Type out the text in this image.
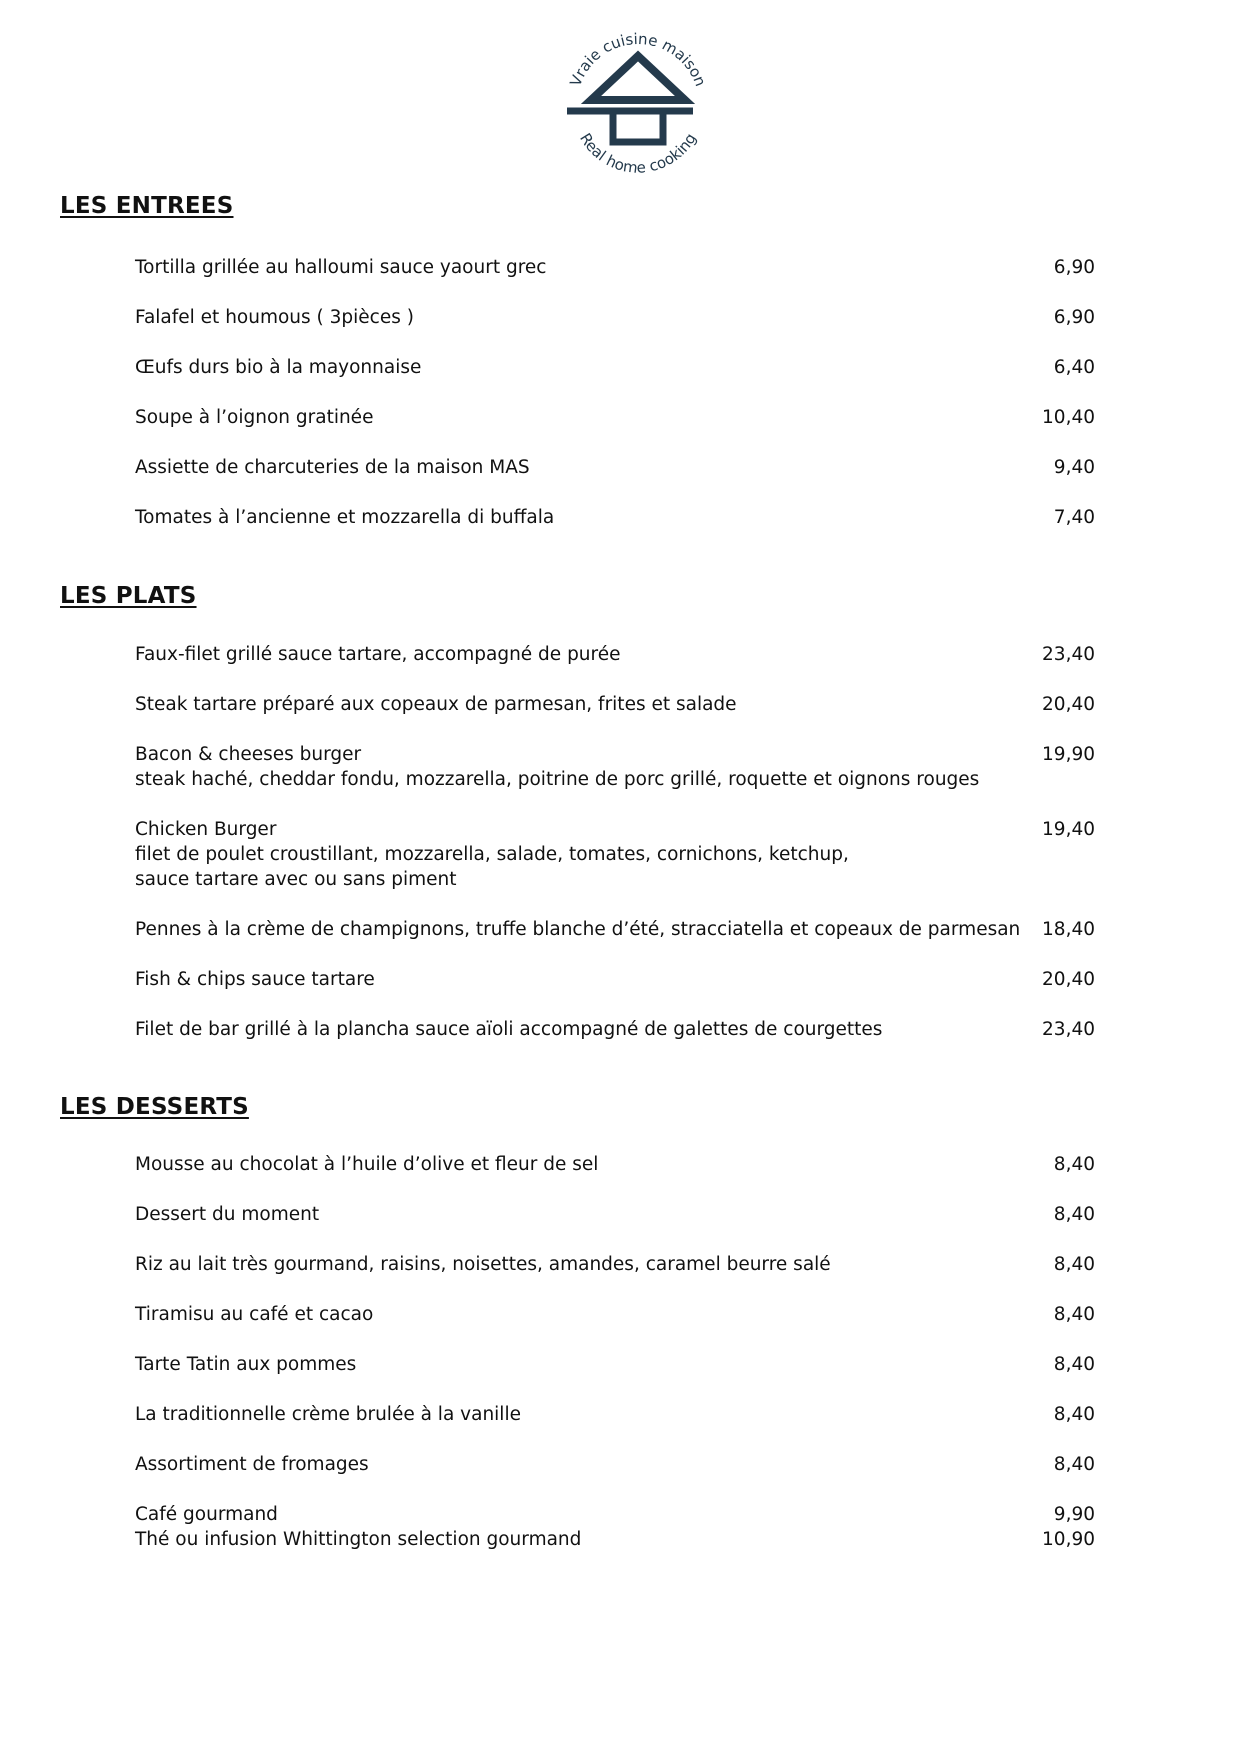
Vraie cuisine maison
Real home cooking
LES ENTREES
Tortilla grillée au halloumi sauce yaourt grec	6,90
Falafel et houmous ( 3pièces )	6,90
Œufs durs bio à la mayonnaise	6,40
Soupe à l’oignon gratinée	10,40
Assiette de charcuteries de la maison MAS	9,40
Tomates à l’ancienne et mozzarella di buffala	7,40
LES PLATS
Faux-filet grillé sauce tartare, accompagné de purée	23,40
Steak tartare préparé aux copeaux de parmesan, frites et salade	20,40
Bacon & cheeses burger	19,90
steak haché, cheddar fondu, mozzarella, poitrine de porc grillé, roquette et oignons rouges
Chicken Burger	19,40
filet de poulet croustillant, mozzarella, salade, tomates, cornichons, ketchup,
sauce tartare avec ou sans piment
Pennes à la crème de champignons, truffe blanche d’été, stracciatella et copeaux de parmesan 18,40
Fish & chips sauce tartare	20,40
Filet de bar grillé à la plancha sauce aïoli accompagné de galettes de courgettes	23,40
LES DESSERTS
Mousse au chocolat à l’huile d’olive et fleur de sel	8,40
Dessert du moment	8,40
Riz au lait très gourmand, raisins, noisettes, amandes, caramel beurre salé	8,40
Tiramisu au café et cacao	8,40
Tarte Tatin aux pommes	8,40
La traditionnelle crème brulée à la vanille	8,40
Assortiment de fromages	8,40
Café gourmand	9,90
Thé ou infusion Whittington selection gourmand	10,90
